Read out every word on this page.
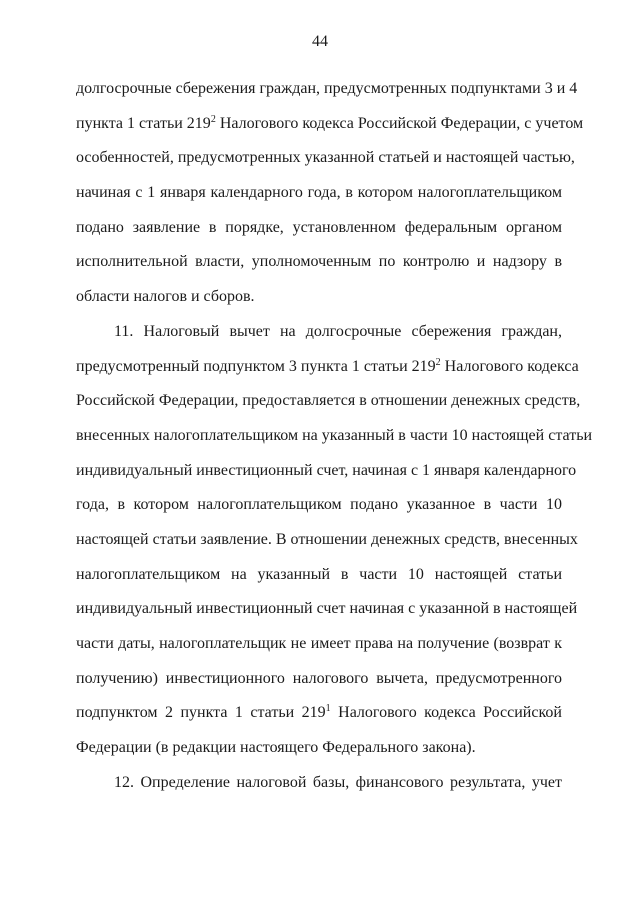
44
долгосрочные сбережения граждан, предусмотренных подпунктами 3 и 4
пункта 1 статьи $219^2$ Налогового кодекса Российской Федерации, с учетом
особенностей, предусмотренных указанной статьей и настоящей частью,
начиная с 1 января календарного года, в котором налогоплательщиком
подано заявление в порядке, установленном федеральным органом
исполнительной власти, уполномоченным по контролю и надзору в
области налогов и сборов.
11. Налоговый вычет на долгосрочные сбережения граждан,
предусмотренный подпунктом 3 пункта 1 статьи $219^2$ Налогового кодекса
Российской Федерации, предоставляется в отношении денежных средств,
внесенных налогоплательщиком на указанный в части 10 настоящей статьи
индивидуальный инвестиционный счет, начиная с 1 января календарного
года, в котором налогоплательщиком подано указанное в части 10
настоящей статьи заявление. В отношении денежных средств, внесенных
налогоплательщиком на указанный в части 10 настоящей статьи
индивидуальный инвестиционный счет начиная с указанной в настоящей
части даты, налогоплательщик не имеет права на получение (возврат к
получению) инвестиционного налогового вычета, предусмотренного
подпунктом 2 пункта 1 статьи $219^1$ Налогового кодекса Российской
Федерации (в редакции настоящего Федерального закона).
12. Определение налоговой базы, финансового результата, учет
